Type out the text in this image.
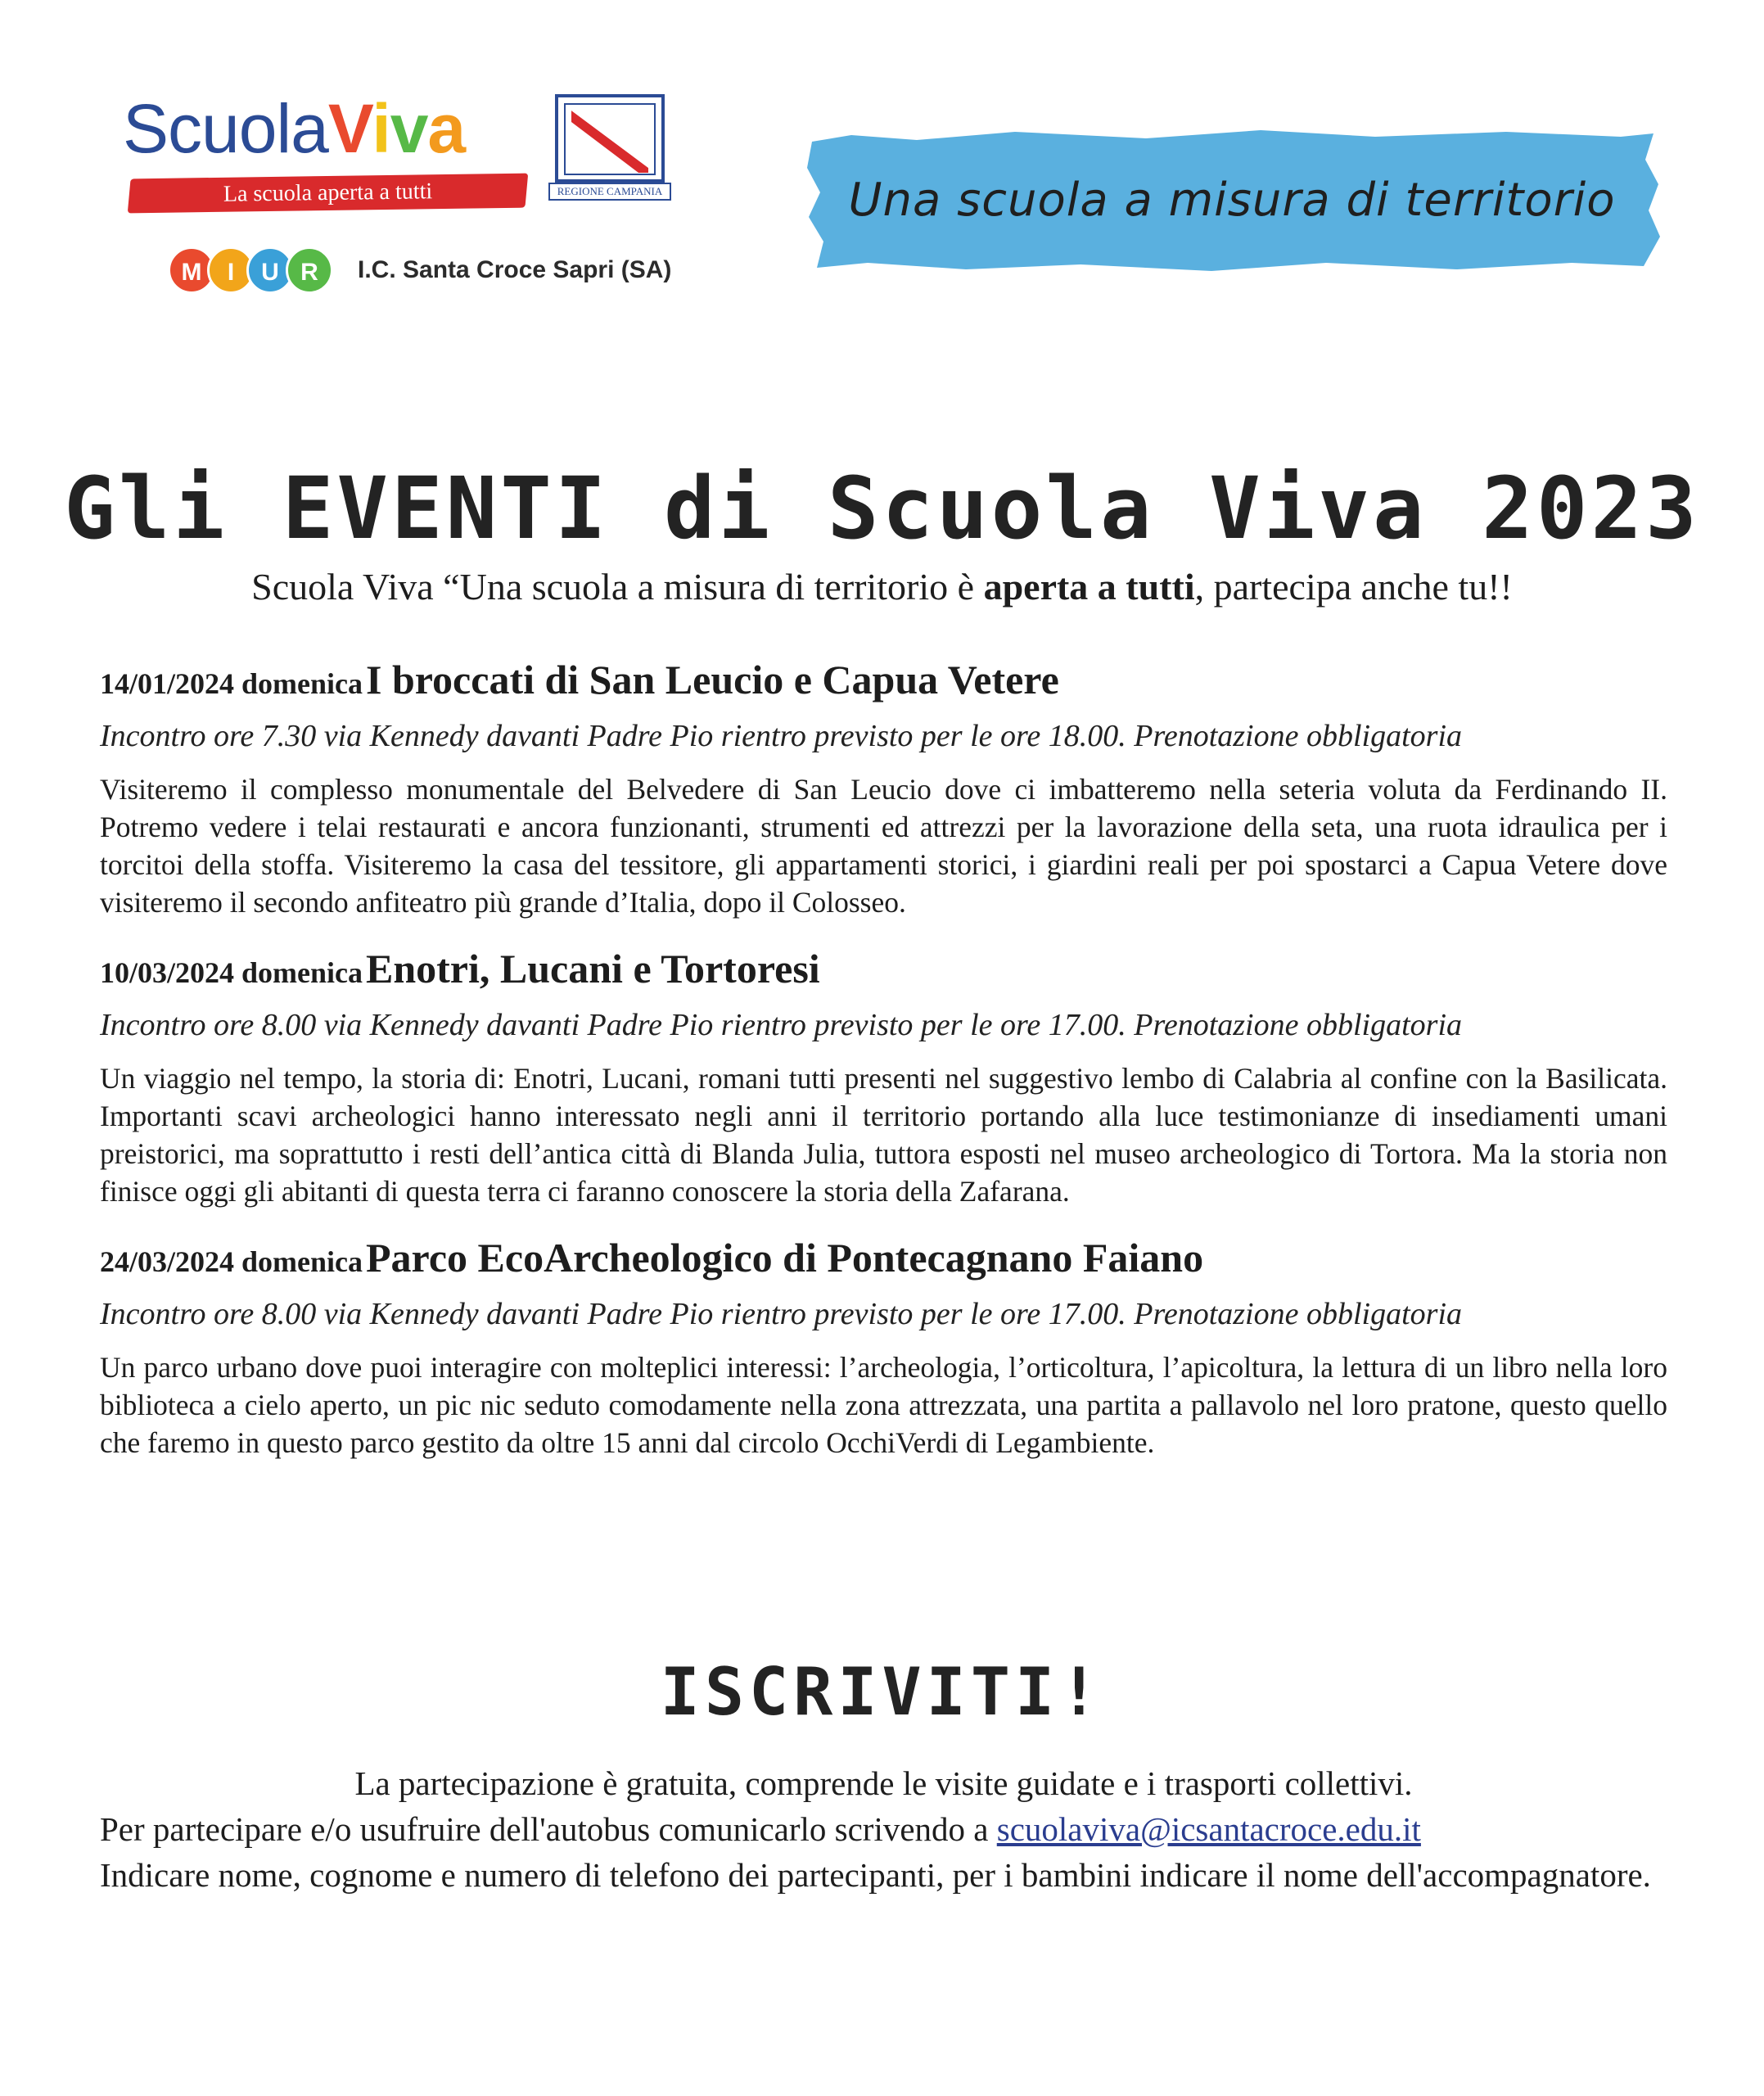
ScuolaViva
La scuola aperta a tutti	REGIONE CAMPANIA
M	I	U R	I.C. Santa Croce Sapri (SA)
Una scuola a misura di territorio
Gli EVENTI di Scuola Viva 2023
Scuola Viva “Una scuola a misura di territorio è aperta a tutti, partecipa anche tu!!
14/01/2024 domenica I broccati di San Leucio e Capua Vetere
Incontro ore 7.30 via Kennedy davanti Padre Pio rientro previsto per le ore 18.00. Prenotazione obbligatoria
Visiteremo il complesso monumentale del Belvedere di San Leucio dove ci imbatteremo nella seteria voluta da Ferdinando II. Potremo vedere i telai restaurati e ancora funzionanti, strumenti ed attrezzi per la lavorazione della seta, una ruota idraulica per i torcitoi della stoffa. Visiteremo la casa del tessitore, gli appartamenti storici, i giardini reali per poi spostarci a Capua Vetere dove visiteremo il secondo anfiteatro più grande d’Italia, dopo il Colosseo.
10/03/2024 domenica Enotri, Lucani e Tortoresi
Incontro ore 8.00 via Kennedy davanti Padre Pio rientro previsto per le ore 17.00. Prenotazione obbligatoria
Un viaggio nel tempo, la storia di: Enotri, Lucani, romani tutti presenti nel suggestivo lembo di Calabria al confine con la Basilicata. Importanti scavi archeologici hanno interessato negli anni il territorio portando alla luce testimonianze di insediamenti umani preistorici, ma soprattutto i resti dell’antica città di Blanda Julia, tuttora esposti nel museo archeologico di Tortora. Ma la storia non finisce oggi gli abitanti di questa terra ci faranno conoscere la storia della Zafarana.
24/03/2024 domenica Parco EcoArcheologico di Pontecagnano Faiano
Incontro ore 8.00 via Kennedy davanti Padre Pio rientro previsto per le ore 17.00. Prenotazione obbligatoria
Un parco urbano dove puoi interagire con molteplici interessi: l’archeologia, l’orticoltura, l’apicoltura, la lettura di un libro nella loro biblioteca a cielo aperto, un pic nic seduto comodamente nella zona attrezzata, una partita a pallavolo nel loro pratone, questo quello che faremo in questo parco gestito da oltre 15 anni dal circolo OcchiVerdi di Legambiente.
ISCRIVITI!
La partecipazione è gratuita, comprende le visite guidate e i trasporti collettivi.
Per partecipare e/o usufruire dell'autobus comunicarlo scrivendo a scuolaviva@icsantacroce.edu.it
Indicare nome, cognome e numero di telefono dei partecipanti, per i bambini indicare il nome dell'accompagnatore.
